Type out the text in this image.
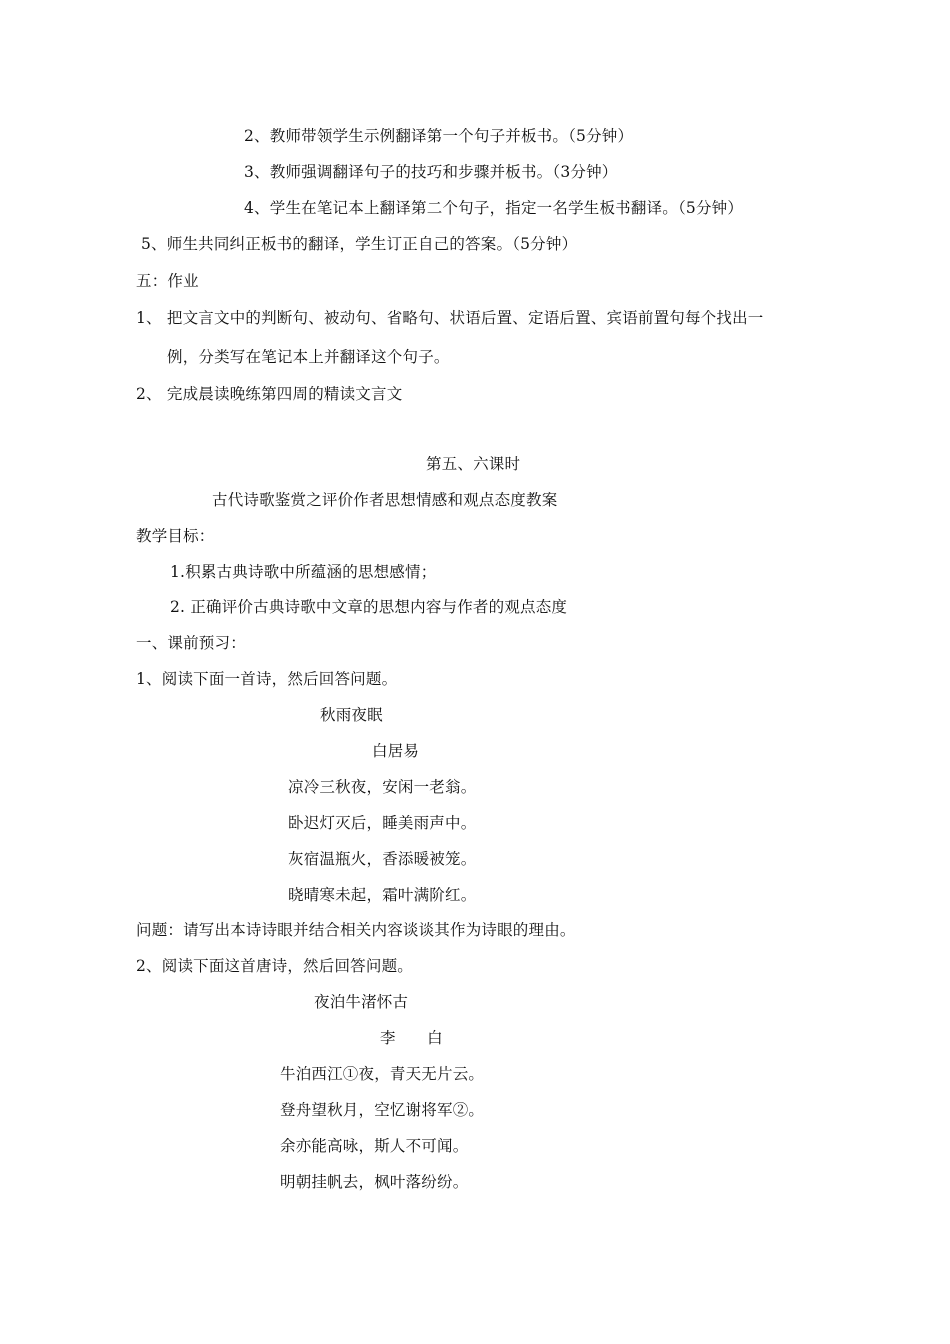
2、教师带领学生示例翻译第一个句子并板书。（5分钟）
3、教师强调翻译句子的技巧和步骤并板书。（3分钟）
4、学生在笔记本上翻译第二个句子，指定一名学生板书翻译。（5分钟）
5、师生共同纠正板书的翻译，学生订正自己的答案。（5分钟）
五：作业
1、 把文言文中的判断句、被动句、省略句、状语后置、定语后置、宾语前置句每个找出一
例，分类写在笔记本上并翻译这个句子。
2、 完成晨读晚练第四周的精读文言文
第五、六课时
古代诗歌鉴赏之评价作者思想情感和观点态度教案
教学目标：
1.积累古典诗歌中所蕴涵的思想感情；
2. 正确评价古典诗歌中文章的思想内容与作者的观点态度
一、课前预习：
1、阅读下面一首诗，然后回答问题。
秋雨夜眠
白居易
凉冷三秋夜，安闲一老翁。
卧迟灯灭后，睡美雨声中。
灰宿温瓶火，香添暖被笼。
晓晴寒未起，霜叶满阶红。
问题：请写出本诗诗眼并结合相关内容谈谈其作为诗眼的理由。
2、阅读下面这首唐诗，然后回答问题。
夜泊牛渚怀古
李　　白
牛泊西江①夜，青天无片云。
登舟望秋月，空忆谢将军②。
余亦能高咏，斯人不可闻。
明朝挂帆去，枫叶落纷纷。
